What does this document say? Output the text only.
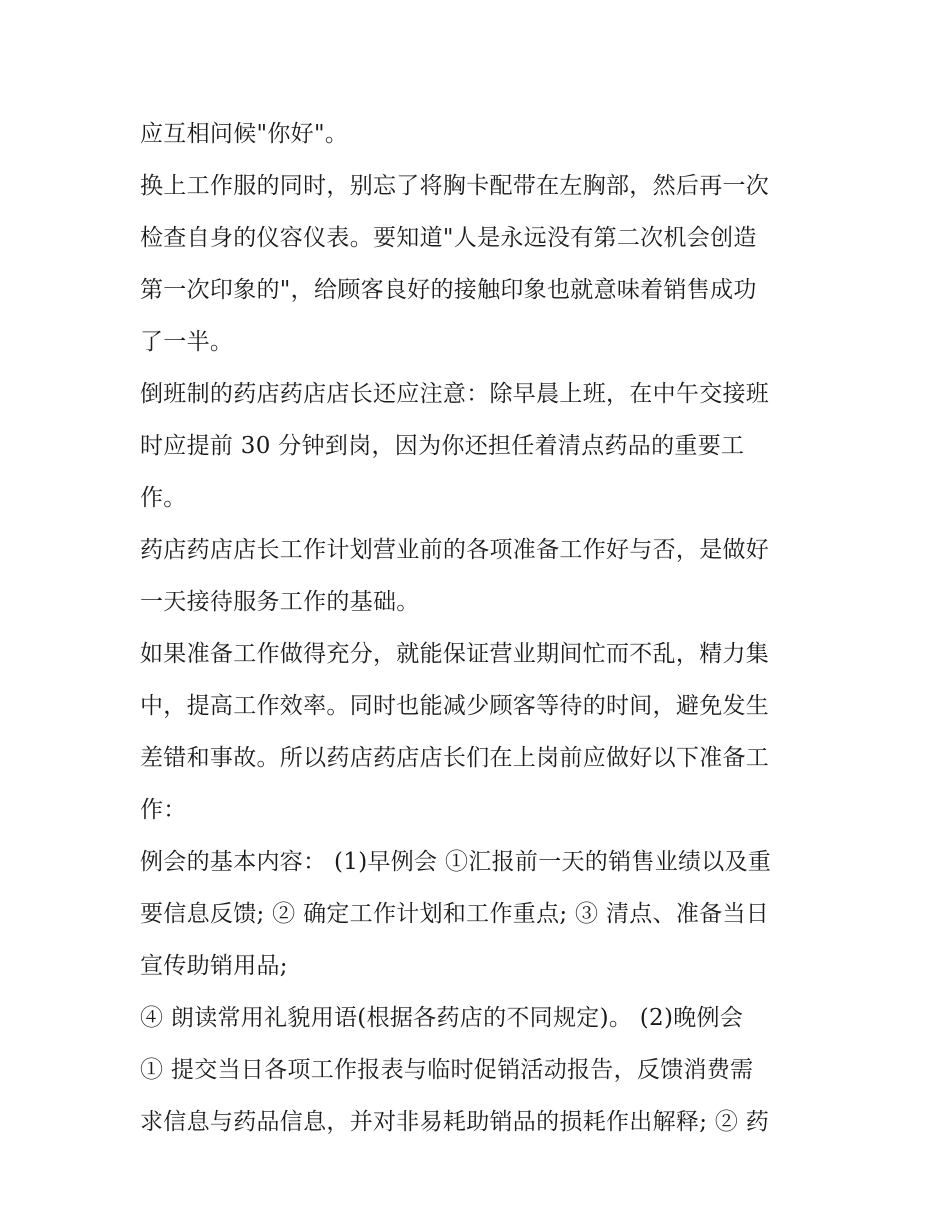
应互相问候"你好"。
换上工作服的同时，别忘了将胸卡配带在左胸部，然后再一次
检查自身的仪容仪表。要知道"人是永远没有第二次机会创造
第一次印象的"，给顾客良好的接触印象也就意味着销售成功
了一半。
倒班制的药店药店店长还应注意：除早晨上班，在中午交接班
时应提前 30 分钟到岗，因为你还担任着清点药品的重要工
作。
药店药店店长工作计划营业前的各项准备工作好与否，是做好
一天接待服务工作的基础。
如果准备工作做得充分，就能保证营业期间忙而不乱，精力集
中，提高工作效率。同时也能减少顾客等待的时间，避免发生
差错和事故。所以药店药店店长们在上岗前应做好以下准备工
作：
例会的基本内容： (1)早例会 ①汇报前一天的销售业绩以及重
要信息反馈; ② 确定工作计划和工作重点; ③ 清点、准备当日
宣传助销用品;
④ 朗读常用礼貌用语(根据各药店的不同规定)。 (2)晚例会
① 提交当日各项工作报表与临时促销活动报告，反馈消费需
求信息与药品信息，并对非易耗助销品的损耗作出解释; ② 药
